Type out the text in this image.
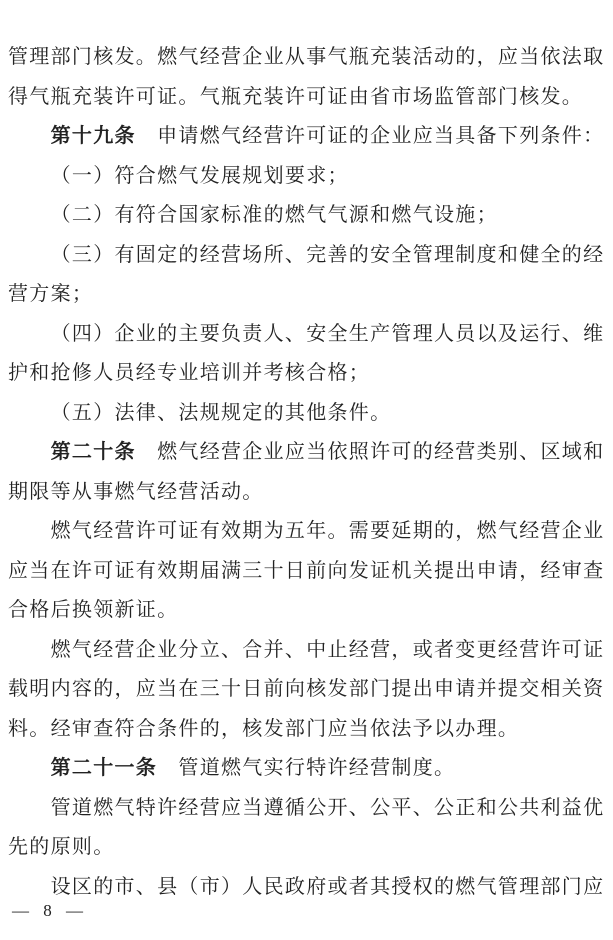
管理部门核发。燃气经营企业从事气瓶充装活动的，应当依法取
得气瓶充装许可证。气瓶充装许可证由省市场监管部门核发。
第十九条　申请燃气经营许可证的企业应当具备下列条件：
（一）符合燃气发展规划要求；
（二）有符合国家标准的燃气气源和燃气设施；
（三）有固定的经营场所、完善的安全管理制度和健全的经
营方案；
（四）企业的主要负责人、安全生产管理人员以及运行、维
护和抢修人员经专业培训并考核合格；
（五）法律、法规规定的其他条件。
第二十条　燃气经营企业应当依照许可的经营类别、区域和
期限等从事燃气经营活动。
燃气经营许可证有效期为五年。需要延期的，燃气经营企业
应当在许可证有效期届满三十日前向发证机关提出申请，经审查
合格后换领新证。
燃气经营企业分立、合并、中止经营，或者变更经营许可证
载明内容的，应当在三十日前向核发部门提出申请并提交相关资
料。经审查符合条件的，核发部门应当依法予以办理。
第二十一条　管道燃气实行特许经营制度。
管道燃气特许经营应当遵循公开、公平、公正和公共利益优
先的原则。
设区的市、县（市）人民政府或者其授权的燃气管理部门应
— 8 —
